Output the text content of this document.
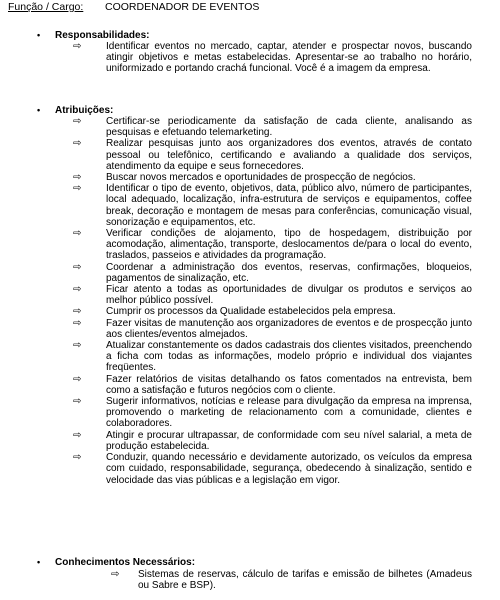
Função / Cargo: COORDENADOR DE EVENTOS
• Responsabilidades:
⇨ Identificar eventos no mercado, captar, atender e prospectar novos, buscando atingir objetivos e metas estabelecidas. Apresentar-se ao trabalho no horário, uniformizado e portando crachá funcional. Você é a imagem da empresa.
• Atribuições:
⇨ Certificar-se periodicamente da satisfação de cada cliente, analisando as pesquisas e efetuando telemarketing.
⇨ Realizar pesquisas junto aos organizadores dos eventos, através de contato pessoal ou telefônico, certificando e avaliando a qualidade dos serviços, atendimento da equipe e seus fornecedores.
⇨ Buscar novos mercados e oportunidades de prospecção de negócios.
⇨ Identificar o tipo de evento, objetivos, data, público alvo, número de participantes, local adequado, localização, infra-estrutura de serviços e equipamentos, coffee break, decoração e montagem de mesas para conferências, comunicação visual, sonorização e equipamentos, etc.
⇨ Verificar condições de alojamento, tipo de hospedagem, distribuição por acomodação, alimentação, transporte, deslocamentos de/para o local do evento, traslados, passeios e atividades da programação.
⇨ Coordenar a administração dos eventos, reservas, confirmações, bloqueios, pagamentos de sinalização, etc.
⇨ Ficar atento a todas as oportunidades de divulgar os produtos e serviços ao melhor público possível.
⇨ Cumprir os processos da Qualidade estabelecidos pela empresa.
⇨ Fazer visitas de manutenção aos organizadores de eventos e de prospecção junto aos clientes/eventos almejados.
⇨ Atualizar constantemente os dados cadastrais dos clientes visitados, preenchendo a ficha com todas as informações, modelo próprio e individual dos viajantes freqüentes.
⇨ Fazer relatórios de visitas detalhando os fatos comentados na entrevista, bem como a satisfação e futuros negócios com o cliente.
⇨ Sugerir informativos, notícias e release para divulgação da empresa na imprensa, promovendo o marketing de relacionamento com a comunidade, clientes e colaboradores.
⇨ Atingir e procurar ultrapassar, de conformidade com seu nível salarial, a meta de produção estabelecida.
⇨ Conduzir, quando necessário e devidamente autorizado, os veículos da empresa com cuidado, responsabilidade, segurança, obedecendo à sinalização, sentido e velocidade das vias públicas e a legislação em vigor.
• Conhecimentos Necessários:
⇨ Sistemas de reservas, cálculo de tarifas e emissão de bilhetes (Amadeus ou Sabre e BSP).
